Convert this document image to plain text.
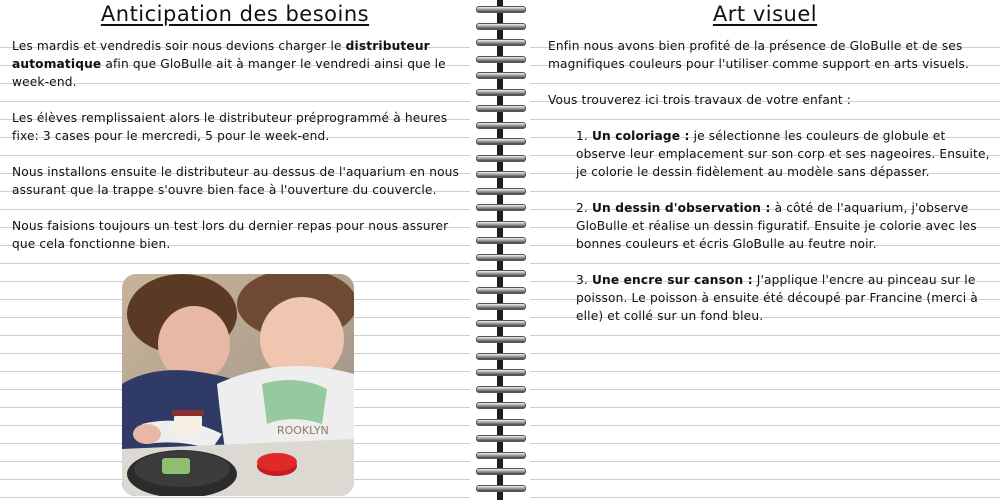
Anticipation des besoins

Les mardis et vendredis soir nous devions charger le distributeur automatique afin que GloBulle ait à manger le vendredi ainsi que le week-end.

Les élèves remplissaient alors le distributeur préprogrammé à heures fixe: 3 cases pour le mercredi, 5 pour le week-end.

Nous installons ensuite le distributeur au dessus de l'aquarium en nous assurant que la trappe s'ouvre bien face à l'ouverture du couvercle.

Nous faisions toujours un test lors du dernier repas pour nous assurer que cela fonctionne bien.

ROOKLYN
Art visuel

Enfin nous avons bien profité de la présence de GloBulle et de ses magnifiques couleurs pour l'utiliser comme support en arts visuels.

Vous trouverez ici trois travaux de votre enfant :

1. Un coloriage : je sélectionne les couleurs de globule et observe leur emplacement sur son corp et ses nageoires. Ensuite, je colorie le dessin fidèlement au modèle sans dépasser.

2. Un dessin d'observation : à côté de l'aquarium, j'observe GloBulle et réalise un dessin figuratif. Ensuite je colorie avec les bonnes couleurs et écris GloBulle au feutre noir.

3. Une encre sur canson : J'applique l'encre au pinceau sur le poisson. Le poisson à ensuite été découpé par Francine (merci à elle) et collé sur un fond bleu.
